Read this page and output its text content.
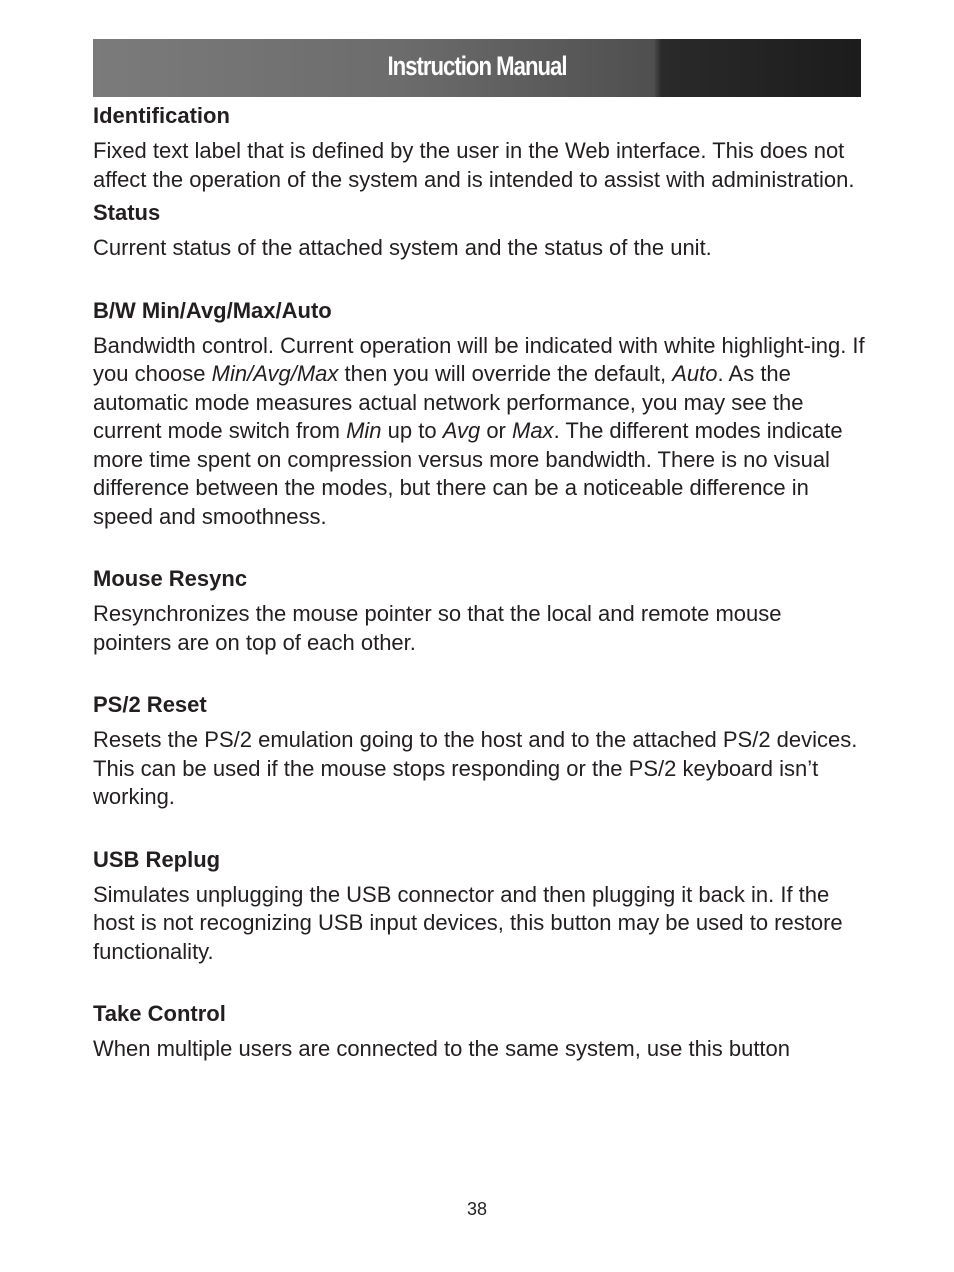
Instruction Manual
Identification

Fixed text label that is defined by the user in the Web interface. This does not affect the operation of the system and is intended to assist with administration.

Status

Current status of the attached system and the status of the unit.

B/W Min/Avg/Max/Auto

Bandwidth control. Current operation will be indicated with white highlight-ing. If you choose Min/Avg/Max then you will override the default, Auto. As the automatic mode measures actual network performance, you may see the current mode switch from Min up to Avg or Max. The different modes indicate more time spent on compression versus more bandwidth. There is no visual difference between the modes, but there can be a noticeable difference in speed and smoothness.

Mouse Resync

Resynchronizes the mouse pointer so that the local and remote mouse pointers are on top of each other.

PS/2 Reset

Resets the PS/2 emulation going to the host and to the attached PS/2 devices. This can be used if the mouse stops responding or the PS/2 keyboard isn’t working.

USB Replug

Simulates unplugging the USB connector and then plugging it back in. If the host is not recognizing USB input devices, this button may be used to restore functionality.

Take Control

When multiple users are connected to the same system, use this button

38
